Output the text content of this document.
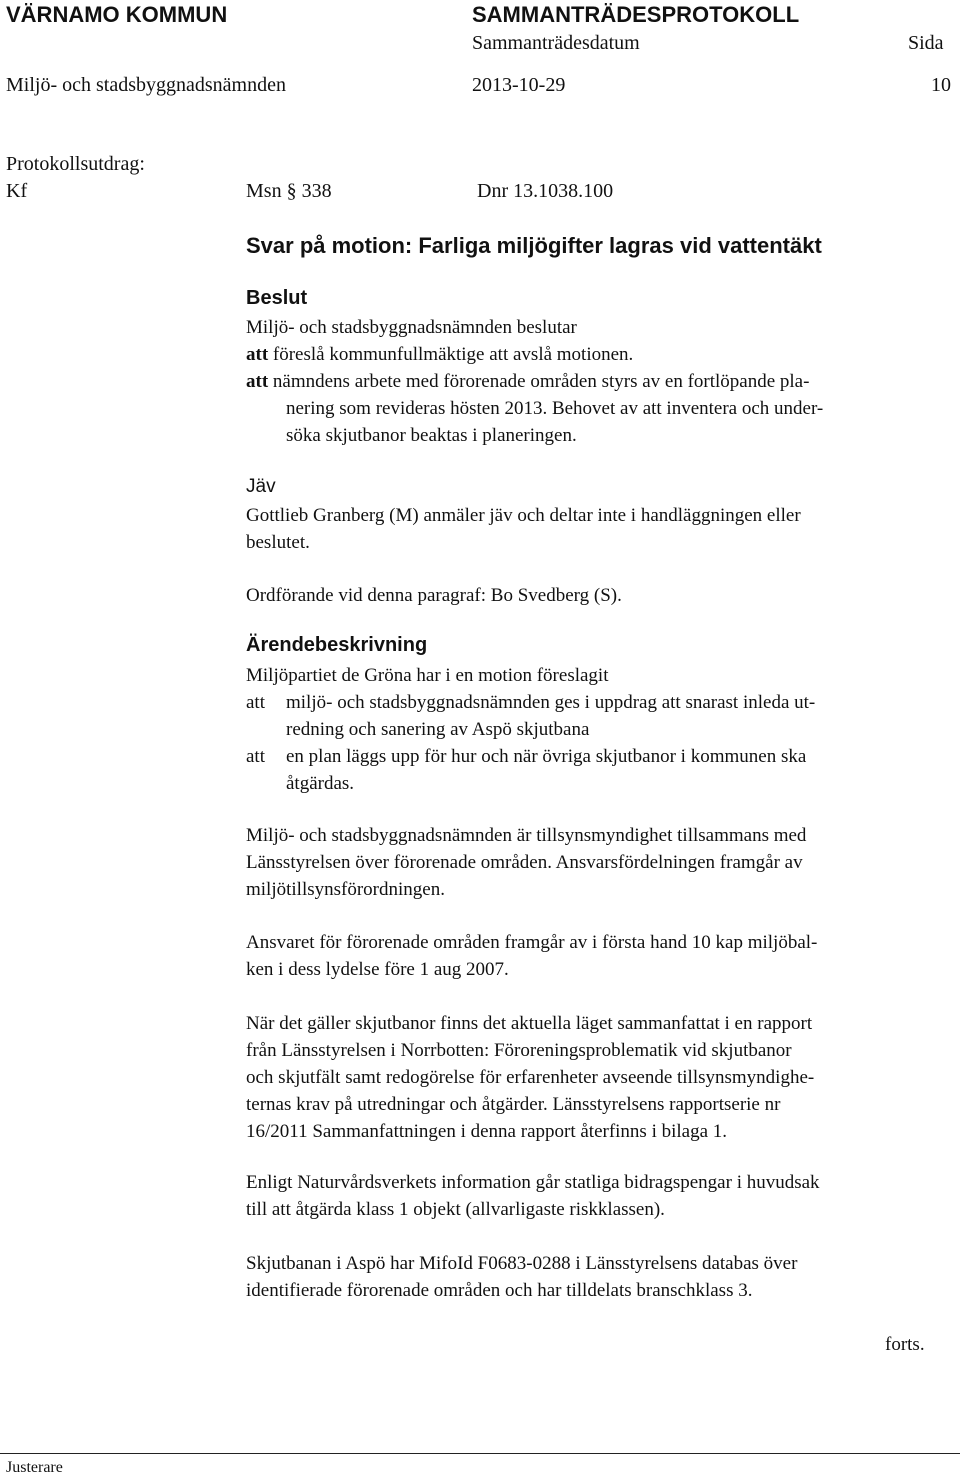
VÄRNAMO KOMMUN	SAMMANTRÄDESPROTOKOLL
Sammanträdesdatum	Sida
Miljö- och stadsbyggnadsnämnden	2013-10-29	10
Protokollsutdrag:
Kf	Msn § 338	Dnr 13.1038.100
Svar på motion: Farliga miljögifter lagras vid vattentäkt
Beslut
Miljö- och stadsbyggnadsnämnden beslutar
att föreslå kommunfullmäktige att avslå motionen.
att nämndens arbete med förorenade områden styrs av en fortlöpande pla-
nering som revideras hösten 2013. Behovet av att inventera och under-
söka skjutbanor beaktas i planeringen.
Jäv
Gottlieb Granberg (M) anmäler jäv och deltar inte i handläggningen eller
beslutet.
Ordförande vid denna paragraf: Bo Svedberg (S).
Ärendebeskrivning
Miljöpartiet de Gröna har i en motion föreslagit
att miljö- och stadsbyggnadsnämnden ges i uppdrag att snarast inleda ut-
redning och sanering av Aspö skjutbana
att en plan läggs upp för hur och när övriga skjutbanor i kommunen ska
åtgärdas.
Miljö- och stadsbyggnadsnämnden är tillsynsmyndighet tillsammans med
Länsstyrelsen över förorenade områden. Ansvarsfördelningen framgår av
miljötillsynsförordningen.
Ansvaret för förorenade områden framgår av i första hand 10 kap miljöbal-
ken i dess lydelse före 1 aug 2007.
När det gäller skjutbanor finns det aktuella läget sammanfattat i en rapport
från Länsstyrelsen i Norrbotten: Föroreningsproblematik vid skjutbanor
och skjutfält samt redogörelse för erfarenheter avseende tillsynsmyndighe-
ternas krav på utredningar och åtgärder. Länsstyrelsens rapportserie nr
16/2011 Sammanfattningen i denna rapport återfinns i bilaga 1.
Enligt Naturvårdsverkets information går statliga bidragspengar i huvudsak
till att åtgärda klass 1 objekt (allvarligaste riskklassen).
Skjutbanan i Aspö har MifoId F0683-0288 i Länsstyrelsens databas över
identifierade förorenade områden och har tilldelats branschklass 3.
forts.
Justerare
